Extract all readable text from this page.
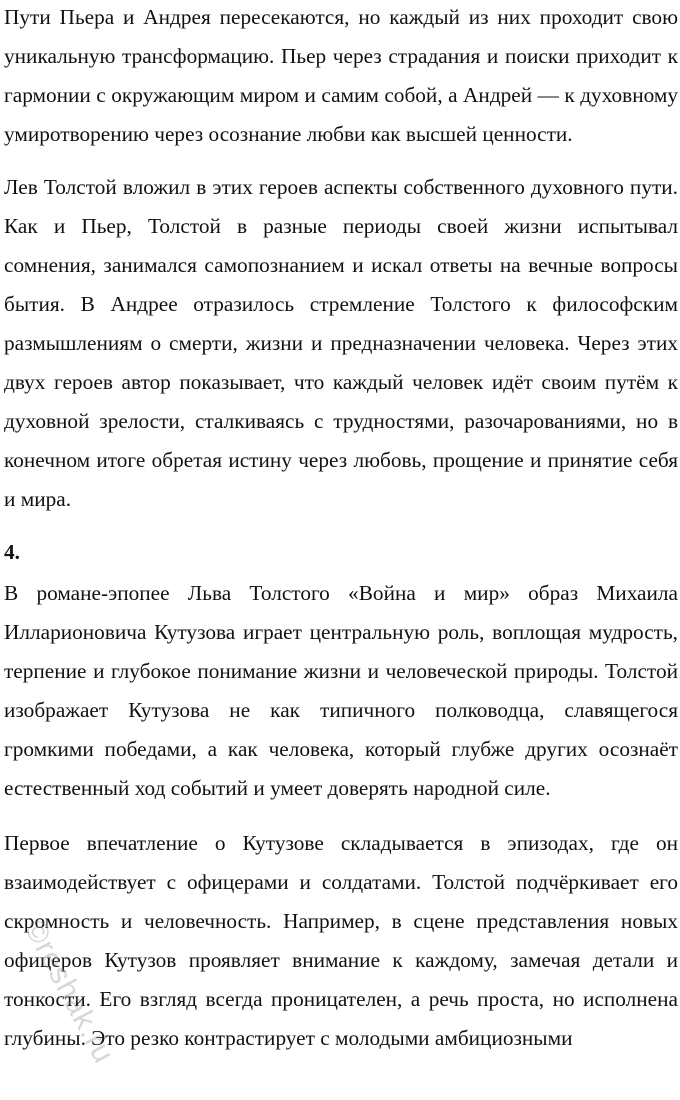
Пути Пьера и Андрея пересекаются, но каждый из них проходит свою уникальную трансформацию. Пьер через страдания и поиски приходит к гармонии с окружающим миром и самим собой, а Андрей — к духовному умиротворению через осознание любви как высшей ценности.

Лев Толстой вложил в этих героев аспекты собственного духовного пути. Как и Пьер, Толстой в разные периоды своей жизни испытывал сомнения, занимался самопознанием и искал ответы на вечные вопросы бытия. В Андрее отразилось стремление Толстого к философским размышлениям о смерти, жизни и предназначении человека. Через этих двух героев автор показывает, что каждый человек идёт своим путём к духовной зрелости, сталкиваясь с трудностями, разочарованиями, но в конечном итоге обретая истину через любовь, прощение и принятие себя и мира.

4.

В романе-эпопее Льва Толстого «Война и мир» образ Михаила Илларионовича Кутузова играет центральную роль, воплощая мудрость, терпение и глубокое понимание жизни и человеческой природы. Толстой изображает Кутузова не как типичного полководца, славящегося громкими победами, а как человека, который глубже других осознаёт естественный ход событий и умеет доверять народной силе.

Первое впечатление о Кутузове складывается в эпизодах, где он взаимодействует с офицерами и солдатами. Толстой подчёркивает его скромность и человечность. Например, в сцене представления новых офицеров Кутузов проявляет внимание к каждому, замечая детали и тонкости. Его взгляд всегда проницателен, а речь проста, но исполнена глубины. Это резко контрастирует с молодыми амбициозными

©reshak.ru
